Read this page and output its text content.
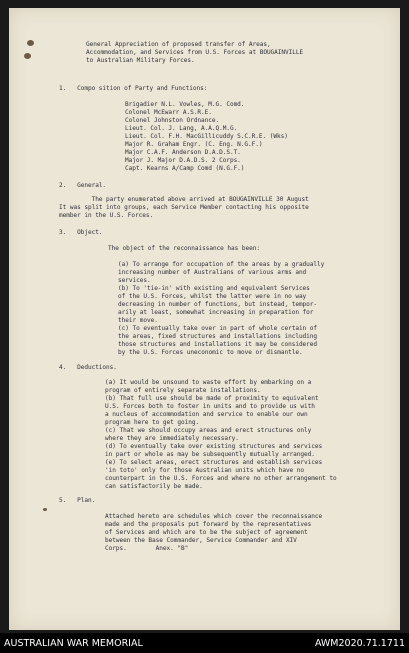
General Appreciation of proposed transfer of Areas,
Accommodation, and Services from U.S. Forces at BOUGAINVILLE
to Australian Military Forces.
1.   Compo sition of Party and Functions:
Brigadier N.L. Vowles, M.G. Comd.
Colonel McEwarr A.S.R.E.
Colonel Johnston Ordnance.
Lieut. Col. J. Lang, A.A.Q.M.G.
Lieut. Col. F.H. MacGillicuddy S.C.R.E. (Wks)
Major R. Graham Engr. (C. Eng. N.G.F.)
Major C.A.F. Anderson D.A.D.S.T.
Major J. Major D.A.D.S. 2 Corps.
Capt. Kearns A/Camp Comd (N.G.F.)
2.   General.
The party enumerated above arrived at BOUGAINVILLE 30 August
It was split into groups, each Service Member contacting his opposite
member in the U.S. Forces.
3.   Object.
The object of the reconnaissance has been:
(a) To arrange for occupation of the areas by a gradually
increasing number of Australians of various arms and
services.
(b) To 'tie-in' with existing and equivalent Services
of the U.S. Forces, whilst the latter were in no way
decreasing in number of functions, but instead, tempor-
arily at least, somewhat increasing in preparation for
their move.
(c) To eventually take over in part of whole certain of
the areas, fixed structures and installations including
those structures and installations it may be considered
by the U.S. Forces uneconomic to move or dismantle.
4.   Deductions.
(a) It would be unsound to waste effort by embarking on a
program of entirely separate installations.
(b) That full use should be made of proximity to equivalent
U.S. Forces both to foster in units and to provide us with
a nucleus of accommodation and service to enable our own
program here to get going.
(c) That we should occupy areas and erect structures only
where they are immediately necessary.
(d) To eventually take over existing structures and services
in part or whole as may be subsequently mutually arranged.
(e) To select areas, erect structures and establish services
'in toto' only for those Australian units which have no
counterpart in the U.S. Forces and where no other arrangement to
can satisfactorily be made.
5.   Plan.
Attached hereto are schedules which cover the reconnaissance
made and the proposals put forward by the representatives
of Services and which are to be the subject of agreement
between the Base Commander, Service Commander and XIV
Corps.        Anex. "B"
AUSTRALIAN WAR MEMORIAL	AWM2020.71.1711
